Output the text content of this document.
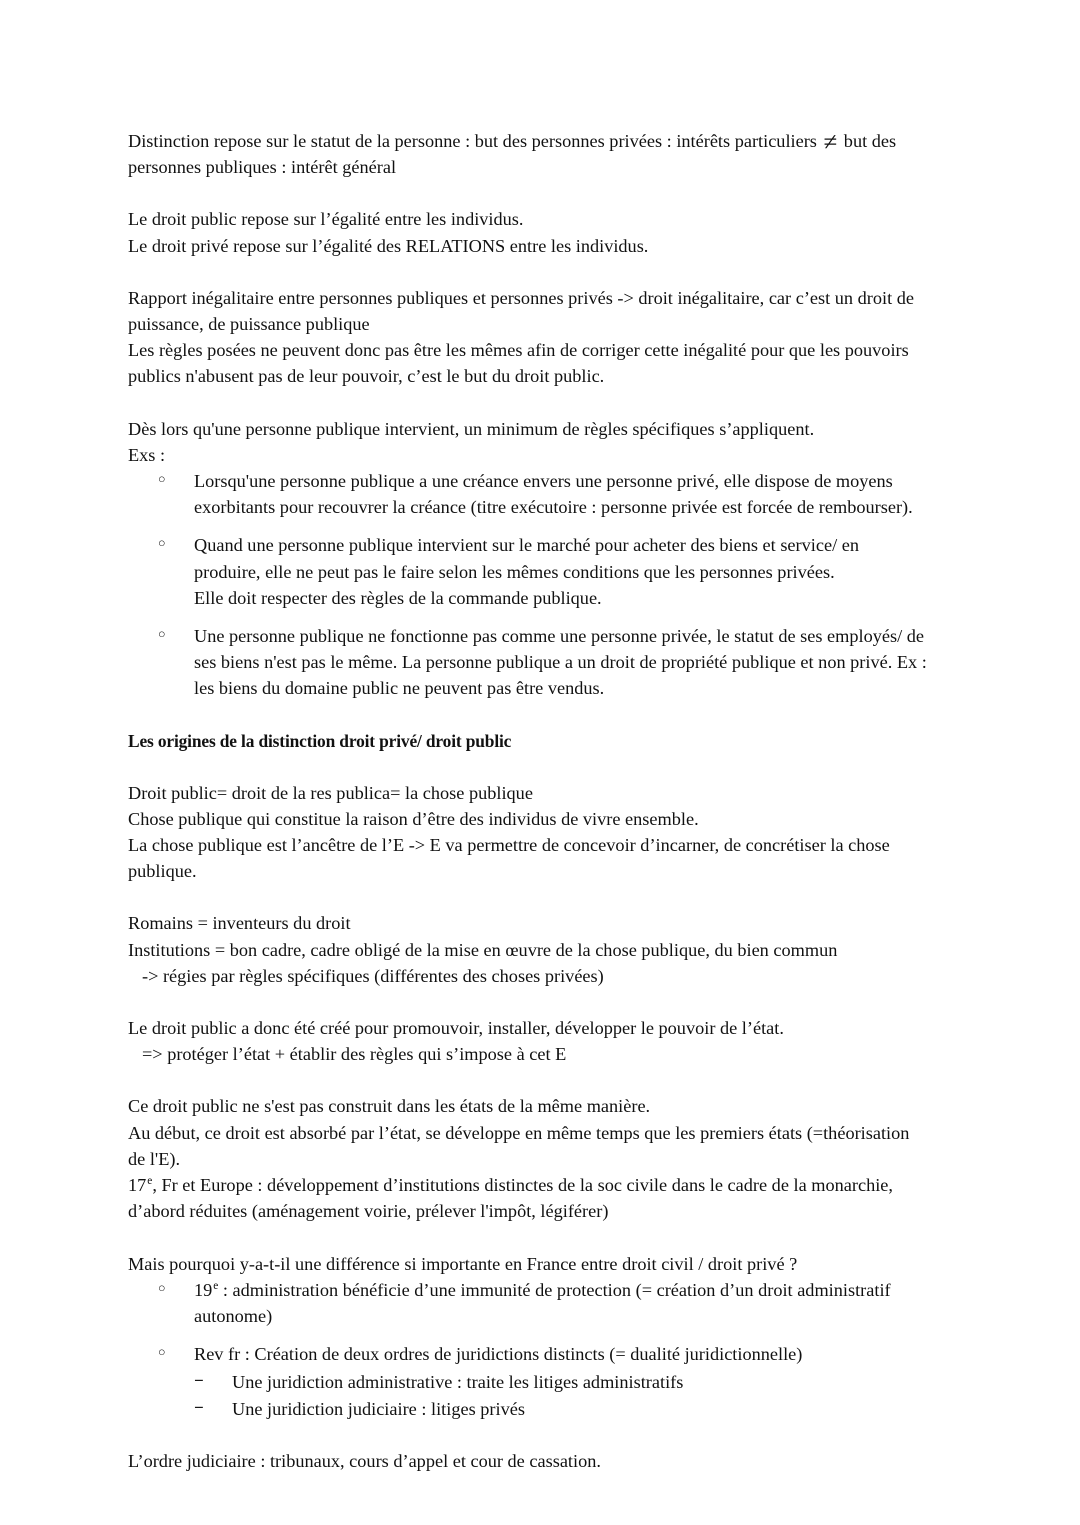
Distinction repose sur le statut de la personne : but des personnes privées : intérêts particuliers ≠ but des
personnes publiques : intérêt général
Le droit public repose sur l’égalité entre les individus.
Le droit privé repose sur l’égalité des RELATIONS entre les individus.
Rapport inégalitaire entre personnes publiques et personnes privés -> droit inégalitaire, car c’est un droit de
puissance, de puissance publique
Les règles posées ne peuvent donc pas être les mêmes afin de corriger cette inégalité pour que les pouvoirs
publics n'abusent pas de leur pouvoir, c’est le but du droit public.
Dès lors qu'une personne publique intervient, un minimum de règles spécifiques s’appliquent.
Exs :
○ Lorsqu'une personne publique a une créance envers une personne privé, elle dispose de moyens
exorbitants pour recouvrer la créance (titre exécutoire : personne privée est forcée de rembourser).
○ Quand une personne publique intervient sur le marché pour acheter des biens et service/ en
produire, elle ne peut pas le faire selon les mêmes conditions que les personnes privées.
Elle doit respecter des règles de la commande publique.
○ Une personne publique ne fonctionne pas comme une personne privée, le statut de ses employés/ de
ses biens n'est pas le même. La personne publique a un droit de propriété publique et non privé. Ex :
les biens du domaine public ne peuvent pas être vendus.
Les origines de la distinction droit privé/ droit public
Droit public= droit de la res publica= la chose publique
Chose publique qui constitue la raison d’être des individus de vivre ensemble.
La chose publique est l’ancêtre de l’E -> E va permettre de concevoir d’incarner, de concrétiser la chose
publique.
Romains = inventeurs du droit
Institutions = bon cadre, cadre obligé de la mise en œuvre de la chose publique, du bien commun
-> régies par règles spécifiques (différentes des choses privées)
Le droit public a donc été créé pour promouvoir, installer, développer le pouvoir de l’état.
=> protéger l’état + établir des règles qui s’impose à cet E
Ce droit public ne s'est pas construit dans les états de la même manière.
Au début, ce droit est absorbé par l’état, se développe en même temps que les premiers états (=théorisation
de l'E).
17e, Fr et Europe : développement d’institutions distinctes de la soc civile dans le cadre de la monarchie,
d’abord réduites (aménagement voirie, prélever l'impôt, légiférer)
Mais pourquoi y-a-t-il une différence si importante en France entre droit civil / droit privé ?
○ 19e : administration bénéficie d’une immunité de protection (= création d’un droit administratif
autonome)
○ Rev fr : Création de deux ordres de juridictions distincts (= dualité juridictionnelle)
− Une juridiction administrative : traite les litiges administratifs
− Une juridiction judiciaire : litiges privés
L’ordre judiciaire : tribunaux, cours d’appel et cour de cassation.
